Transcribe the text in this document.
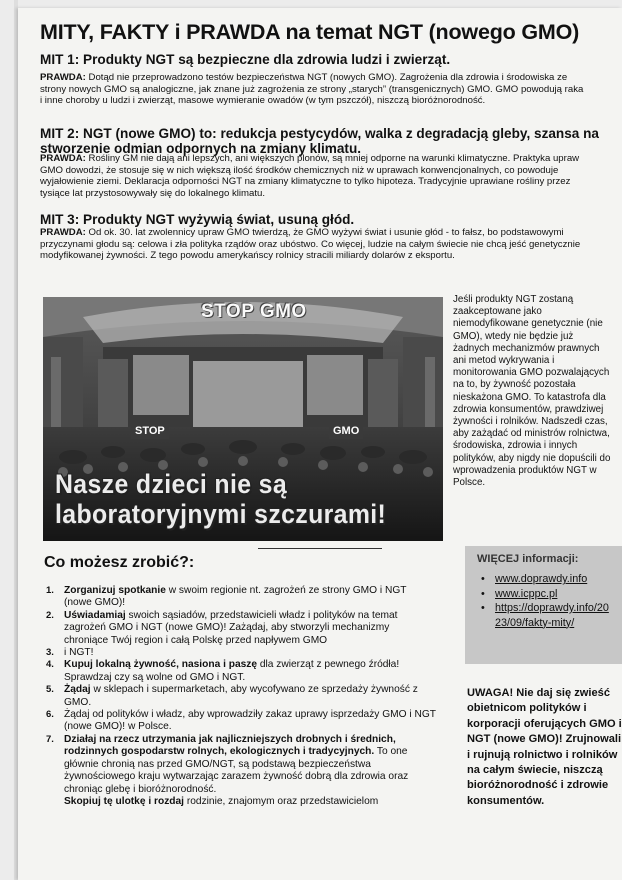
MITY, FAKTY i PRAWDA na temat NGT (nowego GMO)
MIT 1: Produkty NGT są bezpieczne dla zdrowia ludzi i zwierząt.

PRAWDA: Dotąd nie przeprowadzono testów bezpieczeństwa NGT (nowych GMO). Zagrożenia dla zdrowia i środowiska ze strony nowych GMO są analogiczne, jak znane już zagrożenia ze strony „starych” (transgenicznych) GMO. GMO powodują raka i inne choroby u ludzi i zwierząt, masowe wymieranie owadów (w tym pszczół), niszczą bioróżnorodność.

MIT 2: NGT (nowe GMO) to: redukcja pestycydów, walka z degradacją gleby, szansa na stworzenie odmian odpornych na zmiany klimatu.

PRAWDA: Rośliny GM nie dają ani lepszych, ani większych plonów, są mniej odporne na warunki klimatyczne. Praktyka upraw GMO dowodzi, że stosuje się w nich większą ilość środków chemicznych niż w uprawach konwencjonalnych, co powoduje wyjałowienie ziemi. Deklaracja odporności NGT na zmiany klimatyczne to tylko hipoteza. Tradycyjnie uprawiane rośliny przez tysiące lat przystosowywały się do lokalnego klimatu.

MIT 3: Produkty NGT wyżywią świat, usuną głód.

PRAWDA: Od ok. 30. lat zwolennicy upraw GMO twierdzą, że GMO wyżywi świat i usunie głód - to fałsz, bo podstawowymi przyczynami głodu są: celowa i zła polityka rządów oraz ubóstwo. Co więcej, ludzie na całym świecie nie chcą jeść genetycznie modyfikowanej żywności. Z tego powodu amerykańscy rolnicy stracili miliardy dolarów z eksportu.

STOP GMO
STOP	GMO
Nasze dzieci nie są
laboratoryjnymi szczurami!

Jeśli produkty NGT zostaną zaakceptowane jako niemodyfikowane genetycznie (nie GMO), wtedy nie będzie już żadnych mechanizmów prawnych ani metod wykrywania i monitorowania GMO pozwalających na to, by żywność pozostała nieskażona GMO. To katastrofa dla zdrowia konsumentów, prawdziwej żywności i rolników. Nadszedł czas, aby zażądać od ministrów rolnictwa, środowiska, zdrowia i innych polityków, aby nigdy nie dopuścili do wprowadzenia produktów NGT w Polsce.

Co możesz zrobić?:
1. Zorganizuj spotkanie w swoim regionie nt. zagrożeń ze strony GMO i NGT (nowe GMO)!
2. Uświadamiaj swoich sąsiadów, przedstawicieli władz i polityków na temat zagrożeń GMO i NGT (nowe GMO)! Zażądaj, aby stworzyli mechanizmy chroniące Twój region i całą Polskę przed napływem GMO
3. i NGT!
4. Kupuj lokalną żywność, nasiona i paszę dla zwierząt z pewnego źródła! Sprawdzaj czy są wolne od GMO i NGT.
5. Żądaj w sklepach i supermarketach, aby wycofywano ze sprzedaży żywność z GMO.
6. Żądaj od polityków i władz, aby wprowadziły zakaz uprawy isprzedaży GMO i NGT (nowe GMO)! w Polsce.
7. Działaj na rzecz utrzymania jak najliczniejszych drobnych i średnich, rodzinnych gospodarstw rolnych, ekologicznych i tradycyjnych. To one głównie chronią nas przed GMO/NGT, są podstawą bezpieczeństwa żywnościowego kraju wytwarzając zarazem żywność dobrą dla zdrowia oraz chroniąc glebę i bioróżnorodność.
Skopiuj tę ulotkę i rozdaj rodzinie, znajomym oraz przedstawicielom
WIĘCEJ informacji:
• www.doprawdy.info
• www.icppc.pl
• https://doprawdy.info/2023/09/fakty-mity/

UWAGA! Nie daj się zwieść obietnicom polityków i korporacji oferujących GMO i NGT (nowe GMO)! Zrujnowali i rujnują rolnictwo i rolników na całym świecie, niszczą bioróżnorodność i zdrowie konsumentów.
